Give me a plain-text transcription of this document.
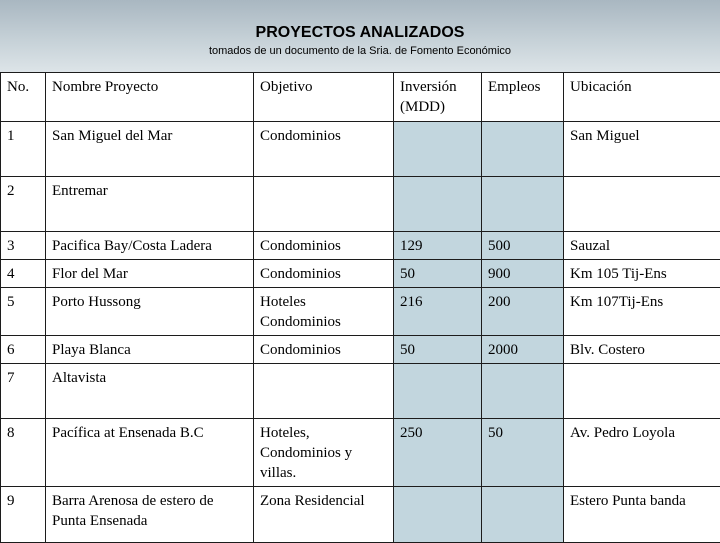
PROYECTOS ANALIZADOS
tomados de un documento de la Sria. de Fomento Económico
No.	Nombre Proyecto	Objetivo	Inversión (MDD)	Empleos	Ubicación
1	San Miguel del Mar	Condominios			San Miguel
2	Entremar				
3	Pacifica Bay/Costa Ladera	Condominios	129	500	Sauzal
4	Flor del Mar	Condominios	50	900	Km 105 Tij-Ens
5	Porto Hussong	Hoteles Condominios	216	200	Km 107Tij-Ens
6	Playa Blanca	Condominios	50	2000	Blv. Costero
7	Altavista				
8	Pacífica at Ensenada B.C	Hoteles, Condominios y villas.	250	50	Av. Pedro Loyola
9	Barra Arenosa de estero de Punta Ensenada	Zona Residencial			Estero Punta banda
